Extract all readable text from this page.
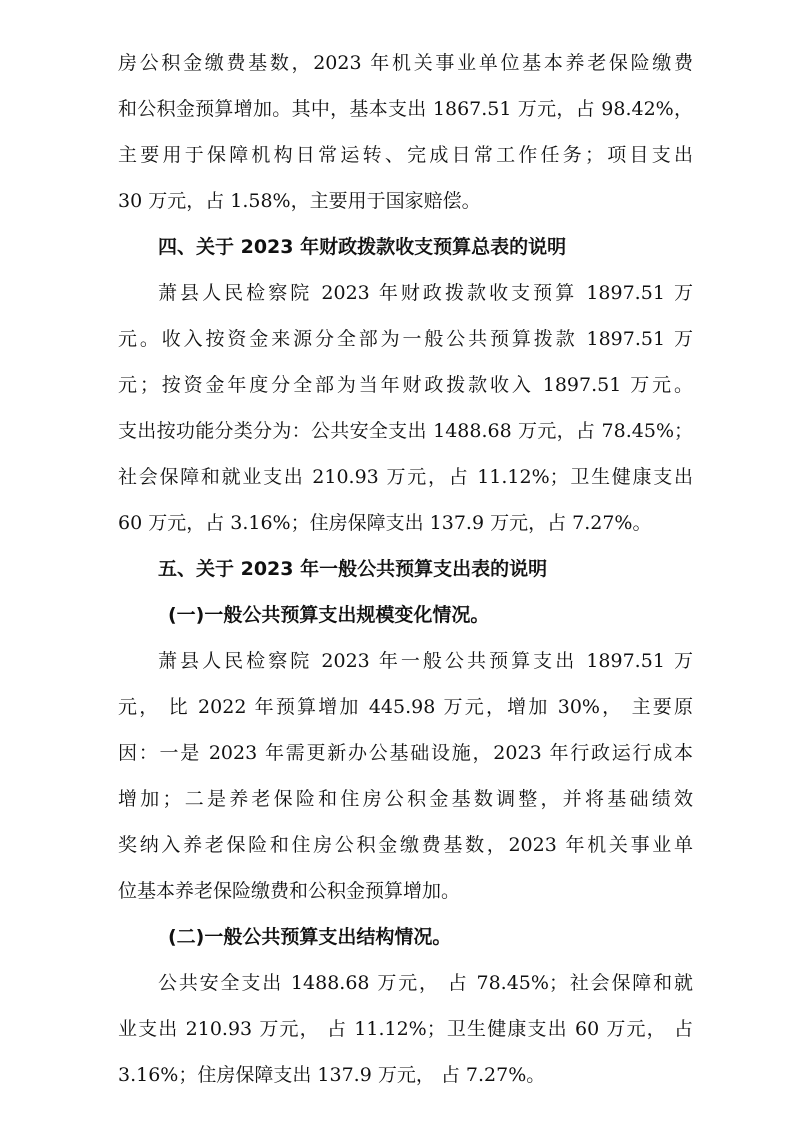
房公积金缴费基数，2023 年机关事业单位基本养老保险缴费
和公积金预算增加。其中，基本支出 1867.51 万元，占 98.42%，
主要用于保障机构日常运转、完成日常工作任务；项目支出
30 万元，占 1.58%，主要用于国家赔偿。
四、关于 2023 年财政拨款收支预算总表的说明
萧县人民检察院 2023 年财政拨款收支预算 1897.51 万
元。收入按资金来源分全部为一般公共预算拨款 1897.51 万
元；按资金年度分全部为当年财政拨款收入 1897.51 万元。
支出按功能分类分为：公共安全支出 1488.68 万元，占 78.45%；
社会保障和就业支出 210.93 万元，占 11.12%；卫生健康支出
60 万元，占 3.16%；住房保障支出 137.9 万元，占 7.27%。
五、关于 2023 年一般公共预算支出表的说明
(一)一般公共预算支出规模变化情况。
萧县人民检察院 2023 年一般公共预算支出 1897.51 万
元， 比 2022 年预算增加 445.98 万元，增加 30%， 主要原
因：一是 2023 年需更新办公基础设施，2023 年行政运行成本
增加；二是养老保险和住房公积金基数调整，并将基础绩效
奖纳入养老保险和住房公积金缴费基数，2023 年机关事业单
位基本养老保险缴费和公积金预算增加。
(二)一般公共预算支出结构情况。
公共安全支出 1488.68 万元， 占 78.45%；社会保障和就
业支出 210.93 万元， 占 11.12%；卫生健康支出 60 万元， 占
3.16%；住房保障支出 137.9 万元， 占 7.27%。
